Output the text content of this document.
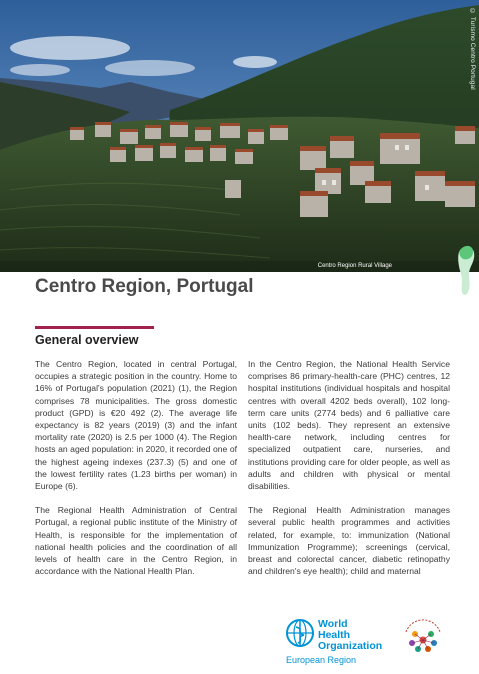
© Turismo Centro Portugal
Centro Region Rural Village
Centro Region, Portugal
General overview

The Centro Region, located in central Portugal, occupies a strategic position in the country. Home to 16% of Portugal's population (2021) (1), the Region comprises 78 municipalities. The gross domestic product (GPD) is €20 492 (2). The average life expectancy is 82 years (2019) (3) and the infant mortality rate (2020) is 2.5 per 1000 (4). The Region hosts an aged population: in 2020, it recorded one of the highest ageing indexes (237.3) (5) and one of the lowest fertility rates (1.23 births per woman) in Europe (6).

The Regional Health Administration of Central Portugal, a regional public institute of the Ministry of Health, is responsible for the implementation of national health policies and the coordination of all levels of health care in the Centro Region, in accordance with the National Health Plan.

In the Centro Region, the National Health Service comprises 86 primary-health-care (PHC) centres, 12 hospital institutions (individual hospitals and hospital centres with overall 4202 beds overall), 102 long-term care units (2774 beds) and 6 palliative care units (102 beds). They represent an extensive health-care network, including centres for specialized outpatient care, nurseries, and institutions providing care for older people, as well as adults and children with physical or mental disabilities.

The Regional Health Administration manages several public health programmes and activities related, for example, to: immunization (National Immunization Programme); screenings (cervical, breast and colorectal cancer, diabetic retinopathy and children's eye health); child and maternal

World Health
Organization
European Region
